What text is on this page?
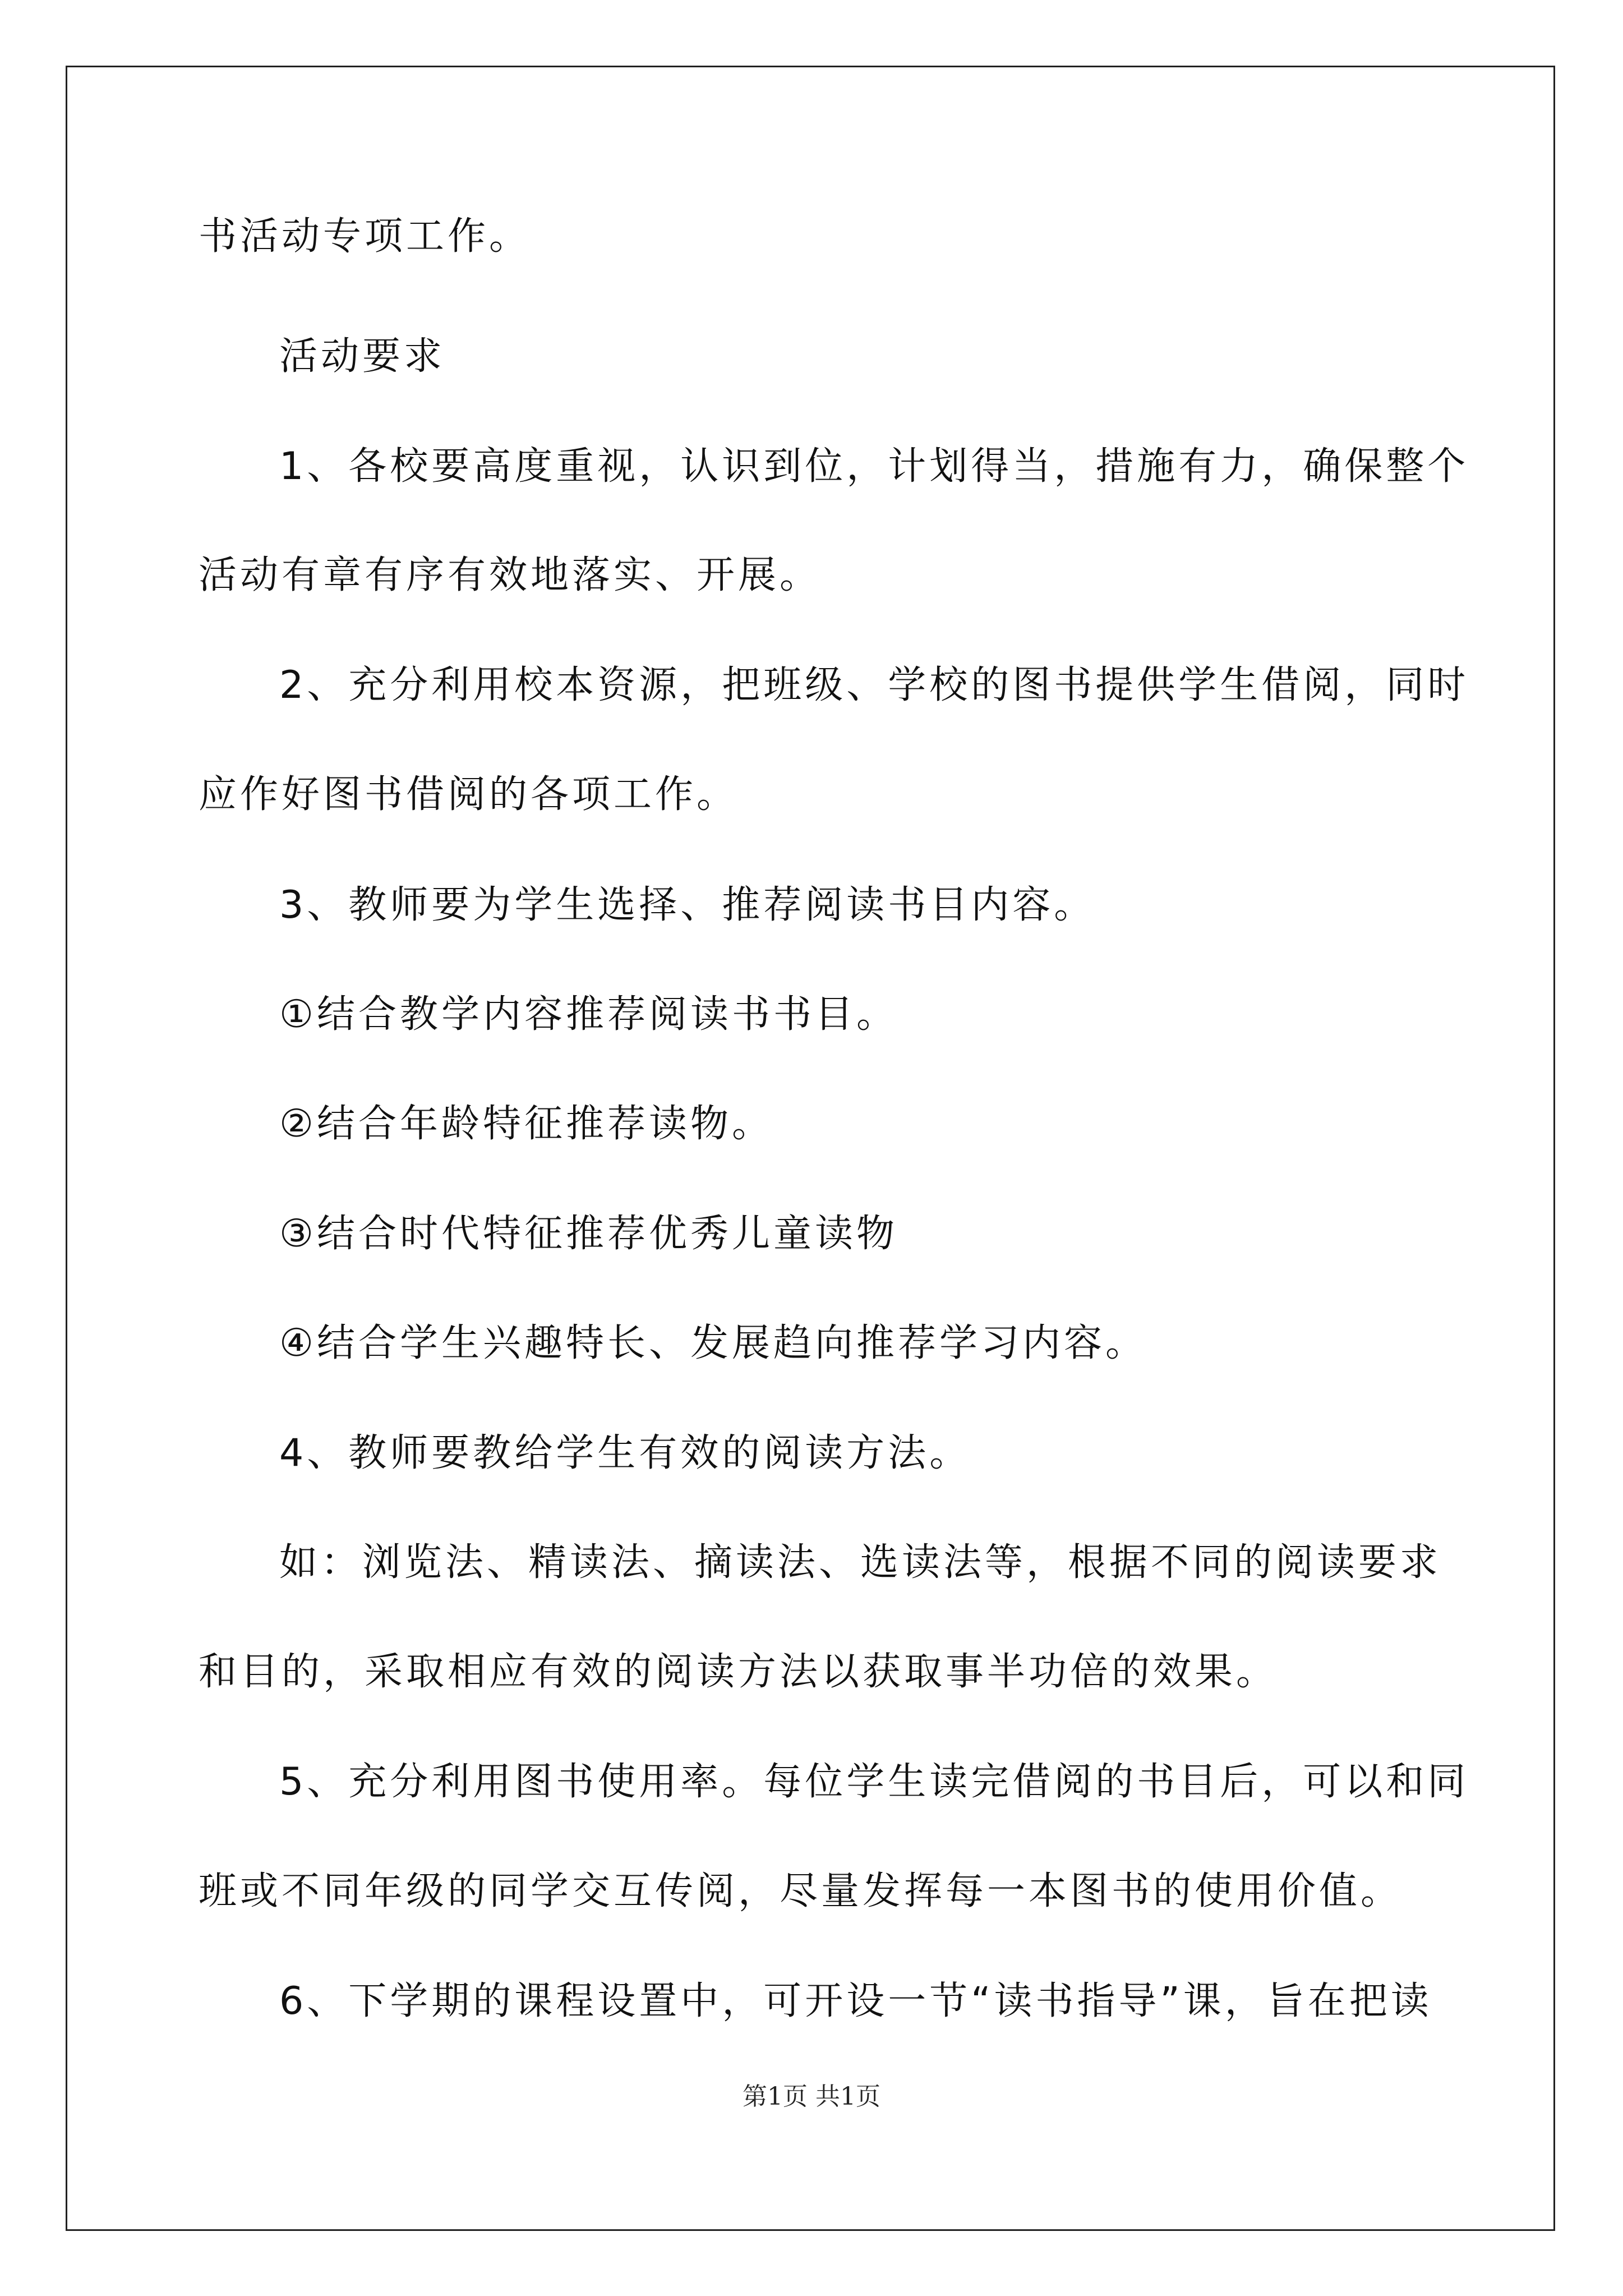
书活动专项工作。
活动要求
1、各校要高度重视，认识到位，计划得当，措施有力，确保整个
活动有章有序有效地落实、开展。
2、充分利用校本资源，把班级、学校的图书提供学生借阅，同时
应作好图书借阅的各项工作。
3、教师要为学生选择、推荐阅读书目内容。
①结合教学内容推荐阅读书书目。
②结合年龄特征推荐读物。
③结合时代特征推荐优秀儿童读物
④结合学生兴趣特长、发展趋向推荐学习内容。
4、教师要教给学生有效的阅读方法。
如：浏览法、精读法、摘读法、选读法等，根据不同的阅读要求
和目的，采取相应有效的阅读方法以获取事半功倍的效果。
5、充分利用图书使用率。每位学生读完借阅的书目后，可以和同
班或不同年级的同学交互传阅，尽量发挥每一本图书的使用价值。
6、下学期的课程设置中，可开设一节“读书指导”课，旨在把读
第1页 共1页
